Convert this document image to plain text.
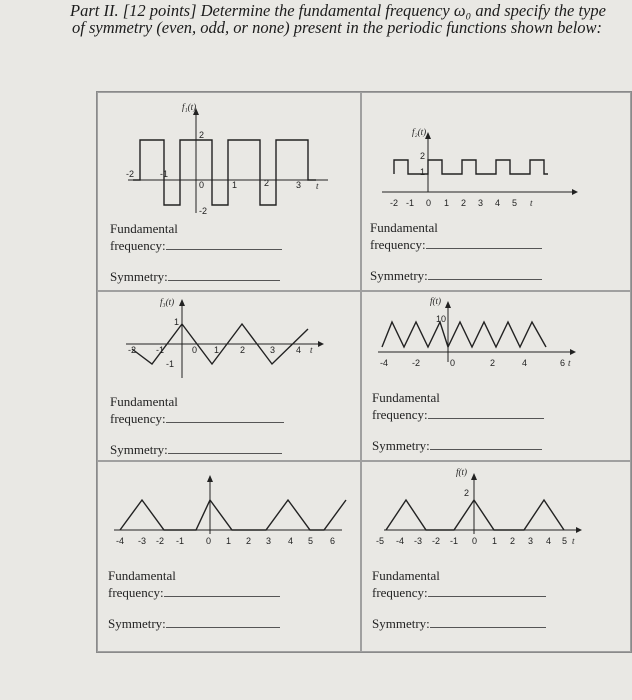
Part II. [12 points] Determine the fundamental frequency ω₀ and specify the type
of symmetry (even, odd, or none) present in the periodic functions shown below:
f₁(t)
2
-2
-2	-1
0	1	2	3 t
Fundamental
frequency:
Symmetry:
f₂(t)
2
1
-2 -1 0 1 2 3 4 5 t
Fundamental
frequency:
Symmetry:
f₃(t)
1
-1
-2 -1	0 1 2	3 4 t
Fundamental
frequency:
Symmetry:
f(t)
10
-4	-2	0	2	4	6 t
Fundamental
frequency:
Symmetry:
-4 -3 -2 -1 0 1 2 3 4 5 6
Fundamental
frequency:
Symmetry:
f(t)
2
-5 -4 -3 -2 -1 0 1 2 3 4 5 t
Fundamental
frequency:
Symmetry:
